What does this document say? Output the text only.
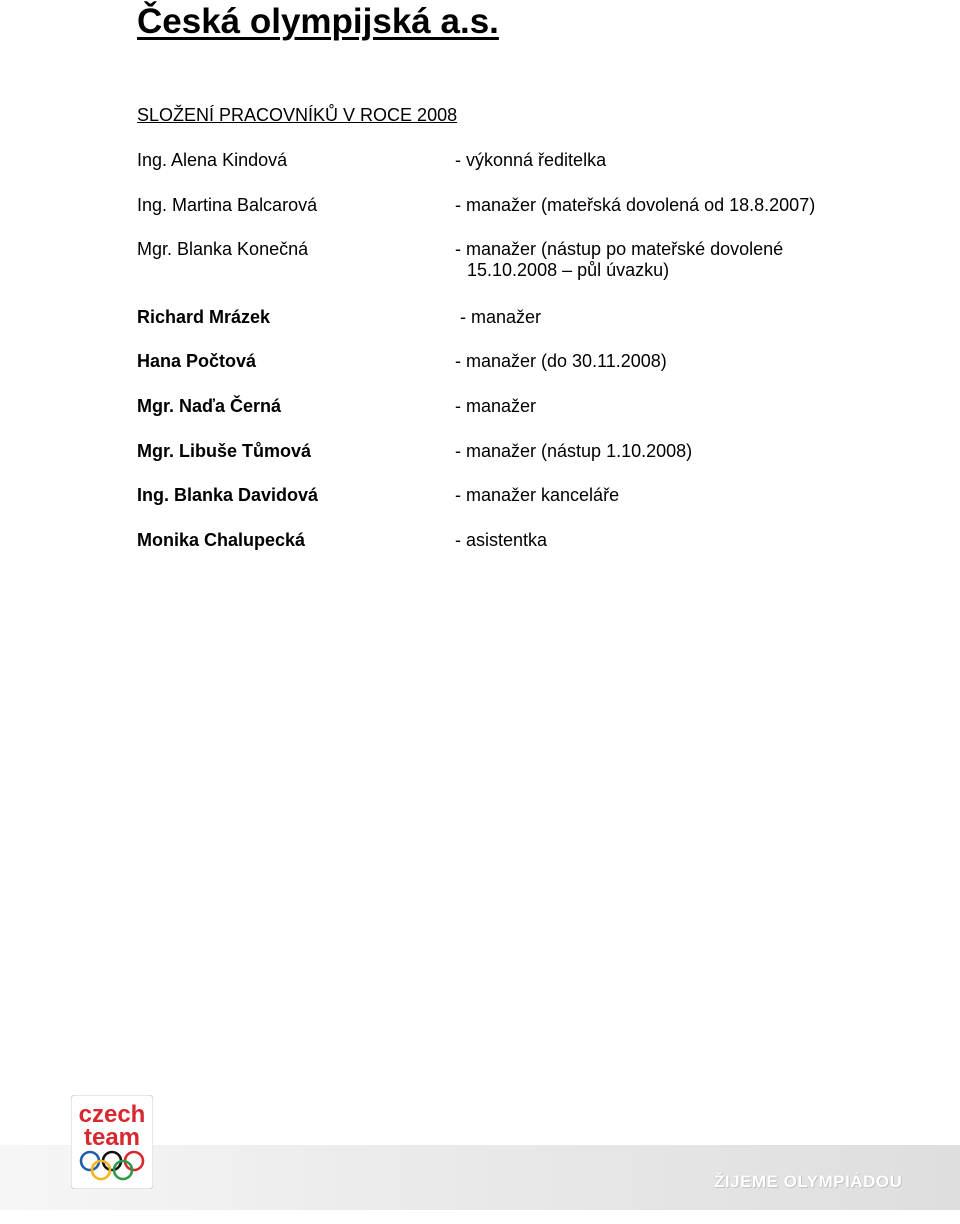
Česká olympijská a.s.
SLOŽENÍ PRACOVNÍKŮ V ROCE 2008
Ing. Alena Kindová	- výkonná ředitelka
Ing. Martina Balcarová	- manažer (mateřská dovolená od 18.8.2007)
Mgr. Blanka Konečná	- manažer (nástup po mateřské dovolené
15.10.2008 – půl úvazku)
Richard Mrázek	- manažer
Hana Počtová	- manažer (do 30.11.2008)
Mgr. Naďa Černá	- manažer
Mgr. Libuše Tůmová	- manažer (nástup 1.10.2008)
Ing. Blanka Davidová	- manažer kanceláře
Monika Chalupecká	- asistentka
ŽIJEME OLYMPIÁDOU
czech
team
